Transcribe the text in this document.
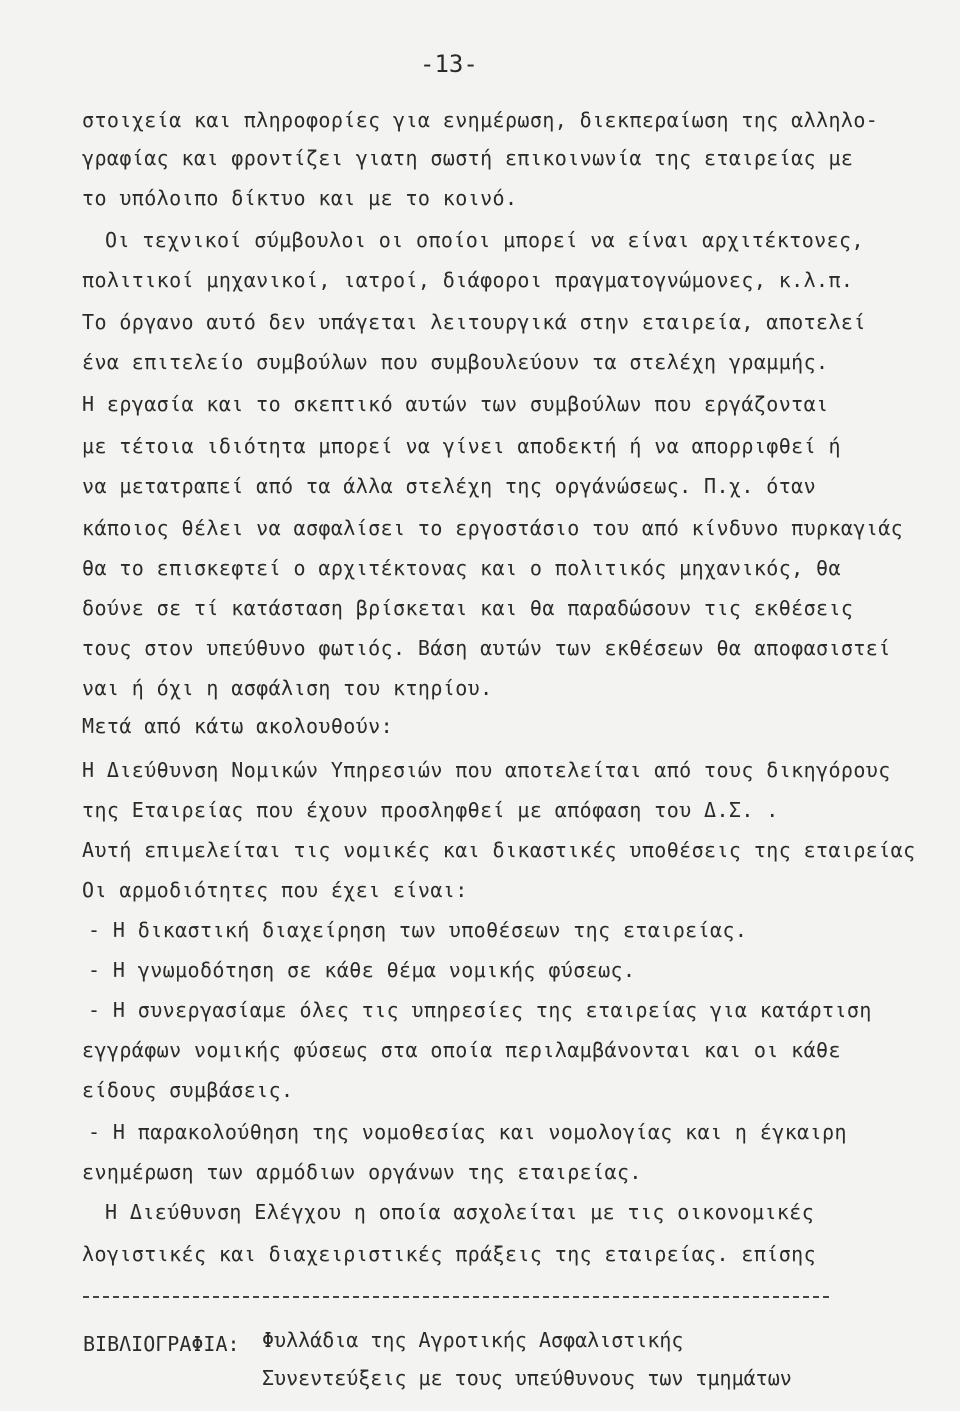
-13-
στοιχεία και πληροφορίες για ενημέρωση, διεκπεραίωση της αλληλο-
γραφίας και φροντίζει γιατη σωστή επικοινωνία της εταιρείας με
το υπόλοιπο δίκτυο και με το κοινό.
Οι τεχνικοί σύμβουλοι οι οποίοι μπορεί να είναι αρχιτέκτονες,
πολιτικοί μηχανικοί, ιατροί, διάφοροι πραγματογνώμονες, κ.λ.π.
Το όργανο αυτό δεν υπάγεται λειτουργικά στην εταιρεία, αποτελεί
ένα επιτελείο συμβούλων που συμβουλεύουν τα στελέχη γραμμής.
Η εργασία και το σκεπτικό αυτών των συμβούλων που εργάζονται
με τέτοια ιδιότητα μπορεί να γίνει αποδεκτή ή να απορριφθεί ή
να μετατραπεί από τα άλλα στελέχη της οργάνώσεως. Π.χ. όταν
κάποιος θέλει να ασφαλίσει το εργοστάσιο του από κίνδυνο πυρκαγιάς
θα το επισκεφτεί ο αρχιτέκτονας και ο πολιτικός μηχανικός, θα
δούνε σε τί κατάσταση βρίσκεται και θα παραδώσουν τις εκθέσεις
τους στον υπεύθυνο φωτιός. Βάση αυτών των εκθέσεων θα αποφασιστεί
ναι ή όχι η ασφάλιση του κτηρίου.
Μετά από κάτω ακολουθούν:
Η Διεύθυνση Νομικών Υπηρεσιών που αποτελείται από τους δικηγόρους
της Εταιρείας που έχουν προσληφθεί με απόφαση του Δ.Σ. .
Αυτή επιμελείται τις νομικές και δικαστικές υποθέσεις της εταιρείας
Οι αρμοδιότητες που έχει είναι:
- Η δικαστική διαχείρηση των υποθέσεων της εταιρείας.
- Η γνωμοδότηση σε κάθε θέμα νομικής φύσεως.
- Η συνεργασίαμε όλες τις υπηρεσίες της εταιρείας για κατάρτιση
εγγράφων νομικής φύσεως στα οποία περιλαμβάνονται και οι κάθε
είδους συμβάσεις.
- Η παρακολούθηση της νομοθεσίας και νομολογίας και η έγκαιρη
ενημέρωση των αρμόδιων οργάνων της εταιρείας.
Η Διεύθυνση Ελέγχου η οποία ασχολείται με τις οικονομικές
λογιστικές και διαχειριστικές πράξεις της εταιρείας. επίσης
ΒΙΒΛΙΟΓΡΑΦΙΑ: Φυλλάδια της Αγροτικής Ασφαλιστικής
Συνεντεύξεις με τους υπεύθυνους των τμημάτων
